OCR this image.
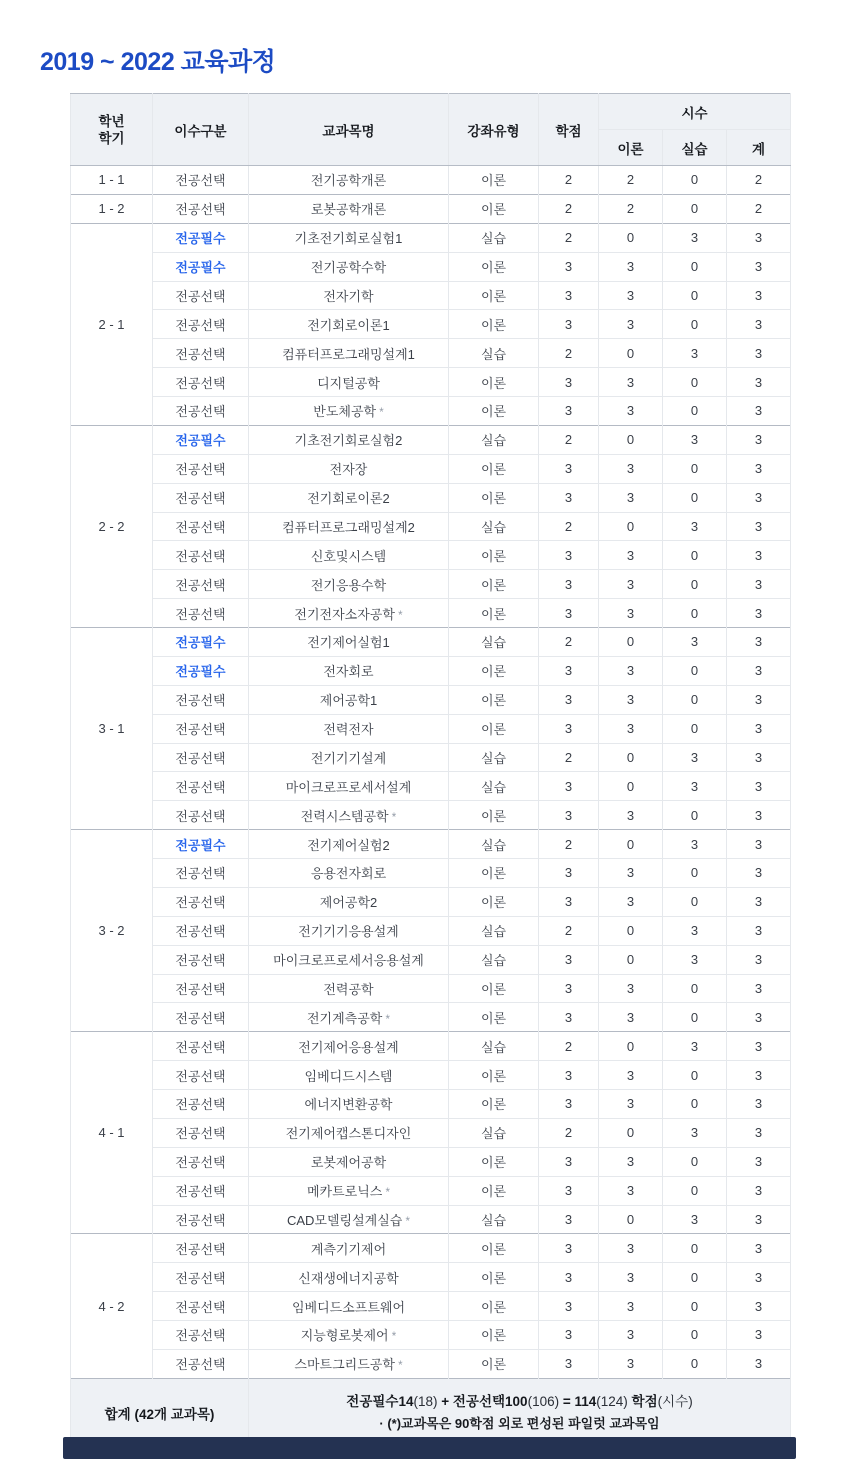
2019 ~ 2022 교육과정
학년
학기	이수구분	교과목명	강좌유형	학점	시수		
					이론	실습	계
1 - 1	전공선택	전기공학개론	이론	2	2	0	2
1 - 2	전공선택	로봇공학개론	이론	2	2	0	2
2 - 1	전공필수	기초전기회로실험1	실습	2	0	3	3
	전공필수	전기공학수학	이론	3	3	0	3
	전공선택	전자기학	이론	3	3	0	3
	전공선택	전기회로이론1	이론	3	3	0	3
	전공선택	컴퓨터프로그래밍설계1	실습	2	0	3	3
	전공선택	디지털공학	이론	3	3	0	3
	전공선택	반도체공학 *	이론	3	3	0	3
2 - 2	전공필수	기초전기회로실험2	실습	2	0	3	3
	전공선택	전자장	이론	3	3	0	3
	전공선택	전기회로이론2	이론	3	3	0	3
	전공선택	컴퓨터프로그래밍설계2	실습	2	0	3	3
	전공선택	신호및시스템	이론	3	3	0	3
	전공선택	전기응용수학	이론	3	3	0	3
	전공선택	전기전자소자공학 *	이론	3	3	0	3
3 - 1	전공필수	전기제어실험1	실습	2	0	3	3
	전공필수	전자회로	이론	3	3	0	3
	전공선택	제어공학1	이론	3	3	0	3
	전공선택	전력전자	이론	3	3	0	3
	전공선택	전기기기설계	실습	2	0	3	3
	전공선택	마이크로프로세서설계	실습	3	0	3	3
	전공선택	전력시스템공학 *	이론	3	3	0	3
3 - 2	전공필수	전기제어실험2	실습	2	0	3	3
	전공선택	응용전자회로	이론	3	3	0	3
	전공선택	제어공학2	이론	3	3	0	3
	전공선택	전기기기응용설계	실습	2	0	3	3
	전공선택	마이크로프로세서응용설계	실습	3	0	3	3
	전공선택	전력공학	이론	3	3	0	3
	전공선택	전기계측공학 *	이론	3	3	0	3
4 - 1	전공선택	전기제어응용설계	실습	2	0	3	3
	전공선택	임베디드시스템	이론	3	3	0	3
	전공선택	에너지변환공학	이론	3	3	0	3
	전공선택	전기제어캡스톤디자인	실습	2	0	3	3
	전공선택	로봇제어공학	이론	3	3	0	3
	전공선택	메카트로닉스 *	이론	3	3	0	3
	전공선택	CAD모델링설계실습 *	실습	3	0	3	3
4 - 2	전공선택	계측기기제어	이론	3	3	0	3
	전공선택	신재생에너지공학	이론	3	3	0	3
	전공선택	임베디드소프트웨어	이론	3	3	0	3
	전공선택	지능형로봇제어 *	이론	3	3	0	3
	전공선택	스마트그리드공학 *	이론	3	3	0	3
합계 (42개 교과목)		전공필수14(18) + 전공선택100(106) = 114(124) 학점(시수)
· (*)교과목은 90학점 외로 편성된 파일럿 교과목임					
